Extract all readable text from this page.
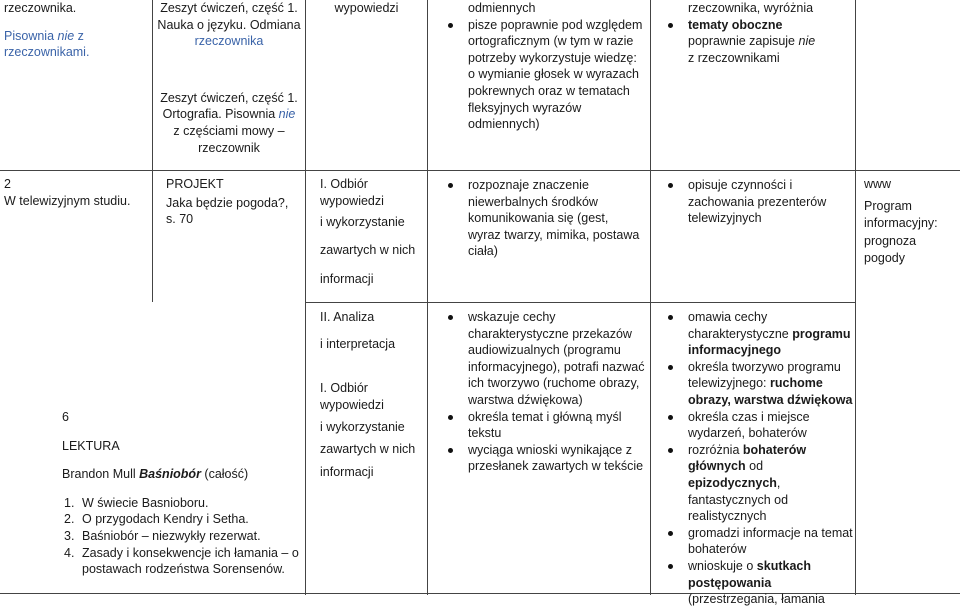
rzeczownika.

Pisownia nie z

rzeczownikami.

Zeszyt ćwiczeń, część 1.

Nauka o języku. Odmiana

rzeczownika

Zeszyt ćwiczeń, część 1.

Ortografia. Pisownia nie

z częściami mowy –

rzeczownik

wypowiedzi	odmiennych

pisze poprawnie pod względem ortograficznym (w tym w razie potrzeby wykorzystuje wiedzę: o wymianie głosek w wyrazach pokrewnych oraz w tematach fleksyjnych wyrazów odmiennych)

rzeczownika, wyróżnia

tematy oboczne
poprawnie zapisuje nie
z rzeczownikami

2

W telewizyjnym studiu.

PROJEKT

Jaka będzie pogoda?,

s. 70

I. Odbiór

wypowiedzi

i wykorzystanie

zawartych w nich

informacji

rozpoznaje znaczenie niewerbalnych środków komunikowania się (gest, wyraz twarzy, mimika, postawa ciała)
opisuje czynności i zachowania prezenterów telewizyjnych

www

Program

informacyjny:

prognoza

pogody

6

LEKTURA

Brandon Mull Baśniobór (całość)

1. W świecie Basnioboru.
2. O przygodach Kendry i Setha.
3. Baśniobór – niezwykły rezerwat.
4. Zasady i konsekwencje ich łamania – o postawach rodzeństwa Sorensenów.

II. Analiza

i interpretacja

I. Odbiór

wypowiedzi

i wykorzystanie

zawartych w nich

informacji

wskazuje cechy charakterystyczne przekazów audiowizualnych (programu informacyjnego), potrafi nazwać ich tworzywo (ruchome obrazy, warstwa dźwiękowa)
określa temat i główną myśl tekstu
wyciąga wnioski wynikające z przesłanek zawartych w tekście
omawia cechy charakterystyczne programu informacyjnego
określa tworzywo programu telewizyjnego: ruchome obrazy, warstwa dźwiękowa
określa czas i miejsce wydarzeń, bohaterów
rozróżnia bohaterów głównych od epizodycznych, fantastycznych od realistycznych
gromadzi informacje na temat bohaterów
wnioskuje o skutkach postępowania (przestrzegania, łamania
